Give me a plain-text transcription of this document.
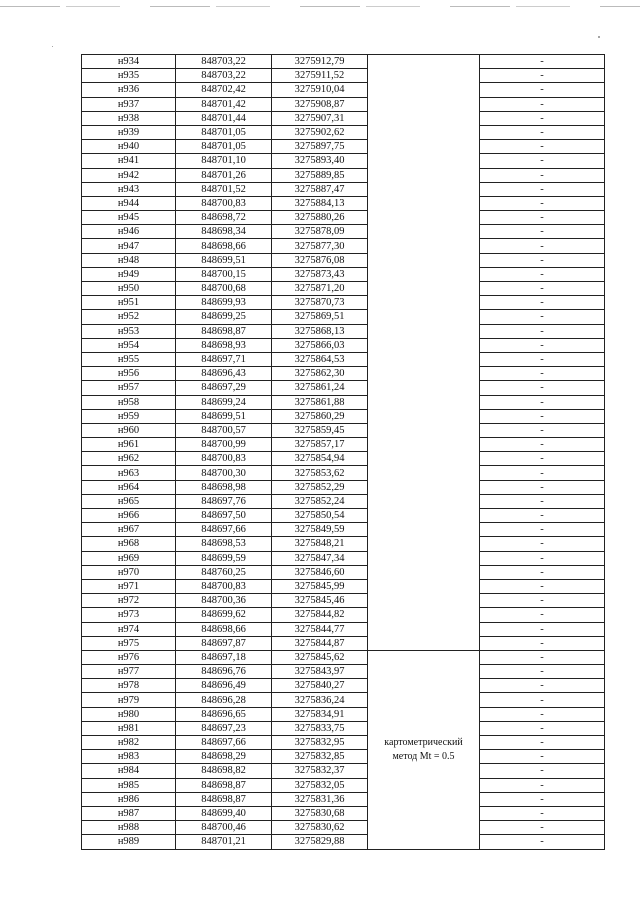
н934	848703,22	3275912,79		-
н935	848703,22	3275911,52		-
н936	848702,42	3275910,04		-
н937	848701,42	3275908,87		-
н938	848701,44	3275907,31		-
н939	848701,05	3275902,62		-
н940	848701,05	3275897,75		-
н941	848701,10	3275893,40		-
н942	848701,26	3275889,85		-
н943	848701,52	3275887,47		-
н944	848700,83	3275884,13		-
н945	848698,72	3275880,26		-
н946	848698,34	3275878,09		-
н947	848698,66	3275877,30		-
н948	848699,51	3275876,08		-
н949	848700,15	3275873,43		-
н950	848700,68	3275871,20		-
н951	848699,93	3275870,73		-
н952	848699,25	3275869,51		-
н953	848698,87	3275868,13		-
н954	848698,93	3275866,03		-
н955	848697,71	3275864,53		-
н956	848696,43	3275862,30		-
н957	848697,29	3275861,24		-
н958	848699,24	3275861,88		-
н959	848699,51	3275860,29		-
н960	848700,57	3275859,45		-
н961	848700,99	3275857,17		-
н962	848700,83	3275854,94		-
н963	848700,30	3275853,62		-
н964	848698,98	3275852,29		-
н965	848697,76	3275852,24		-
н966	848697,50	3275850,54		-
н967	848697,66	3275849,59		-
н968	848698,53	3275848,21		-
н969	848699,59	3275847,34		-
н970	848760,25	3275846,60		-
н971	848700,83	3275845,99		-
н972	848700,36	3275845,46		-
н973	848699,62	3275844,82		-
н974	848698,66	3275844,77		-
н975	848697,87	3275844,87		-
н976	848697,18	3275845,62	картометрический
метод Mt = 0.5	-
н977	848696,76	3275843,97		-
н978	848696,49	3275840,27		-
н979	848696,28	3275836,24		-
н980	848696,65	3275834,91		-
н981	848697,23	3275833,75		-
н982	848697,66	3275832,95		-
н983	848698,29	3275832,85		-
н984	848698,82	3275832,37		-
н985	848698,87	3275832,05		-
н986	848698,87	3275831,36		-
н987	848699,40	3275830,68		-
н988	848700,46	3275830,62		-
н989	848701,21	3275829,88		-
